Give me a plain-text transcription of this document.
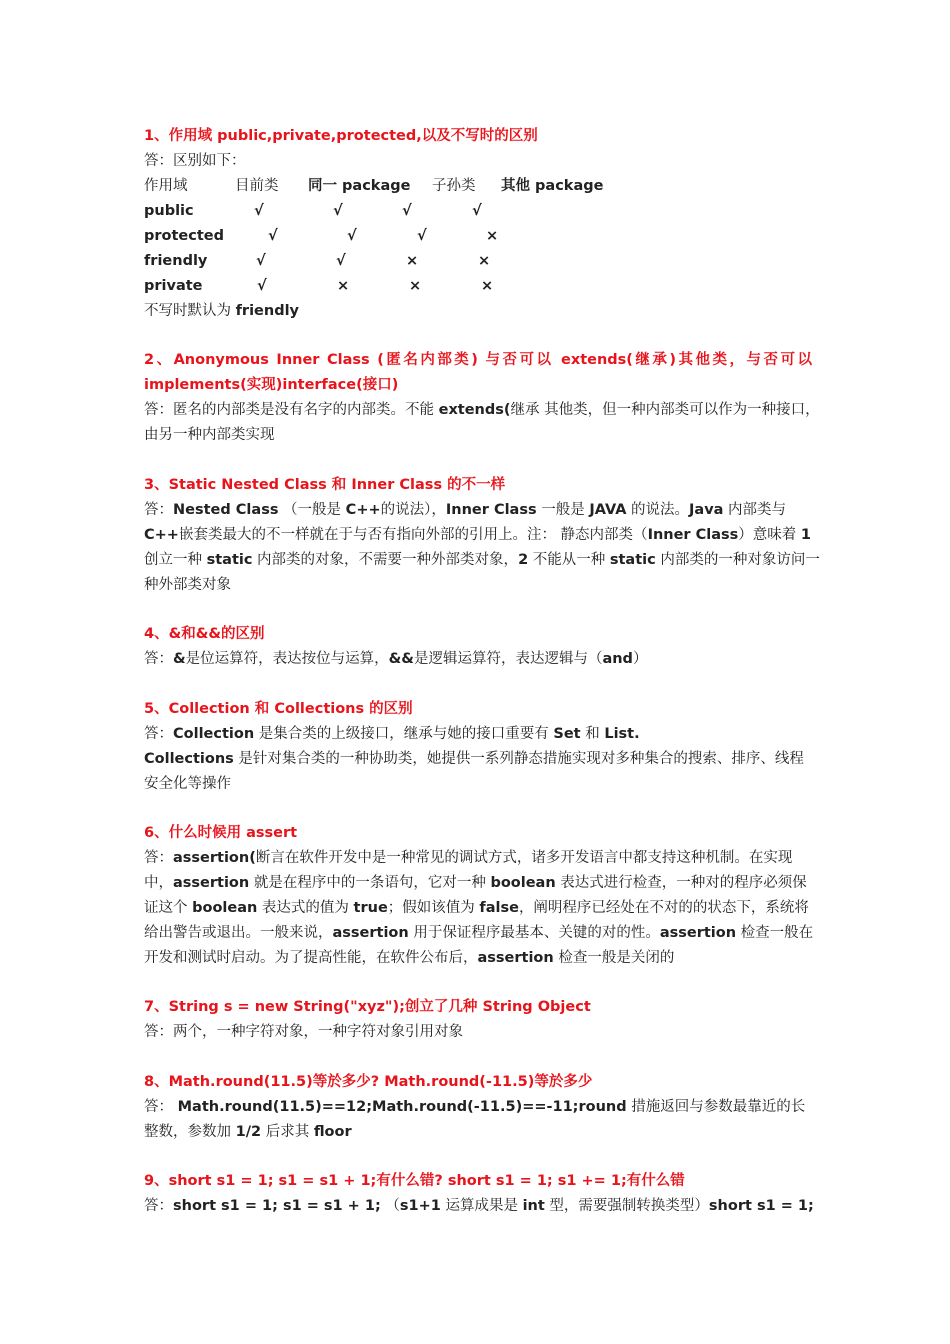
1、作用域 public,private,protected,以及不写时的区别
答：区别如下：
作用域	目前类 同一 package 子孙类 其他 package
public	√	√	√	√
protected	√	√	√	×
friendly	√	√	×	×
private	√	×	×	×
不写时默认为 friendly
2、Anonymous Inner Class (匿名内部类) 与否可以 extends(继承)其他类，与否可以
implements(实现)interface(接口)
答：匿名的内部类是没有名字的内部类。不能 extends(继承 其他类，但一种内部类可以作为一种接口，
由另一种内部类实现
3、Static Nested Class 和 Inner Class 的不一样
答：Nested Class （一般是 C++的说法），Inner Class 一般是 JAVA 的说法。Java 内部类与
C++嵌套类最大的不一样就在于与否有指向外部的引用上。注： 静态内部类（Inner Class）意味着 1
创立一种 static 内部类的对象，不需要一种外部类对象，2 不能从一种 static 内部类的一种对象访问一
种外部类对象
4、&和&&的区别
答：&是位运算符，表达按位与运算，&&是逻辑运算符，表达逻辑与（and）
5、Collection 和 Collections 的区别
答：Collection 是集合类的上级接口，继承与她的接口重要有 Set 和 List.
Collections 是针对集合类的一种协助类，她提供一系列静态措施实现对多种集合的搜索、排序、线程
安全化等操作
6、什么时候用 assert
答：assertion(断言在软件开发中是一种常见的调试方式，诸多开发语言中都支持这种机制。在实现
中，assertion 就是在程序中的一条语句，它对一种 boolean 表达式进行检查，一种对的程序必须保
证这个 boolean 表达式的值为 true；假如该值为 false，阐明程序已经处在不对的的状态下，系统将
给出警告或退出。一般来说，assertion 用于保证程序最基本、关键的对的性。assertion 检查一般在
开发和测试时启动。为了提高性能，在软件公布后，assertion 检查一般是关闭的
7、String s = new String("xyz");创立了几种 String Object
答：两个，一种字符对象，一种字符对象引用对象
8、Math.round(11.5)等於多少? Math.round(-11.5)等於多少
答： Math.round(11.5)==12;Math.round(-11.5)==-11;round 措施返回与参数最靠近的长
整数，参数加 1/2 后求其 floor
9、short s1 = 1; s1 = s1 + 1;有什么错? short s1 = 1; s1 += 1;有什么错
答：short s1 = 1; s1 = s1 + 1; （s1+1 运算成果是 int 型，需要强制转换类型）short s1 = 1;
